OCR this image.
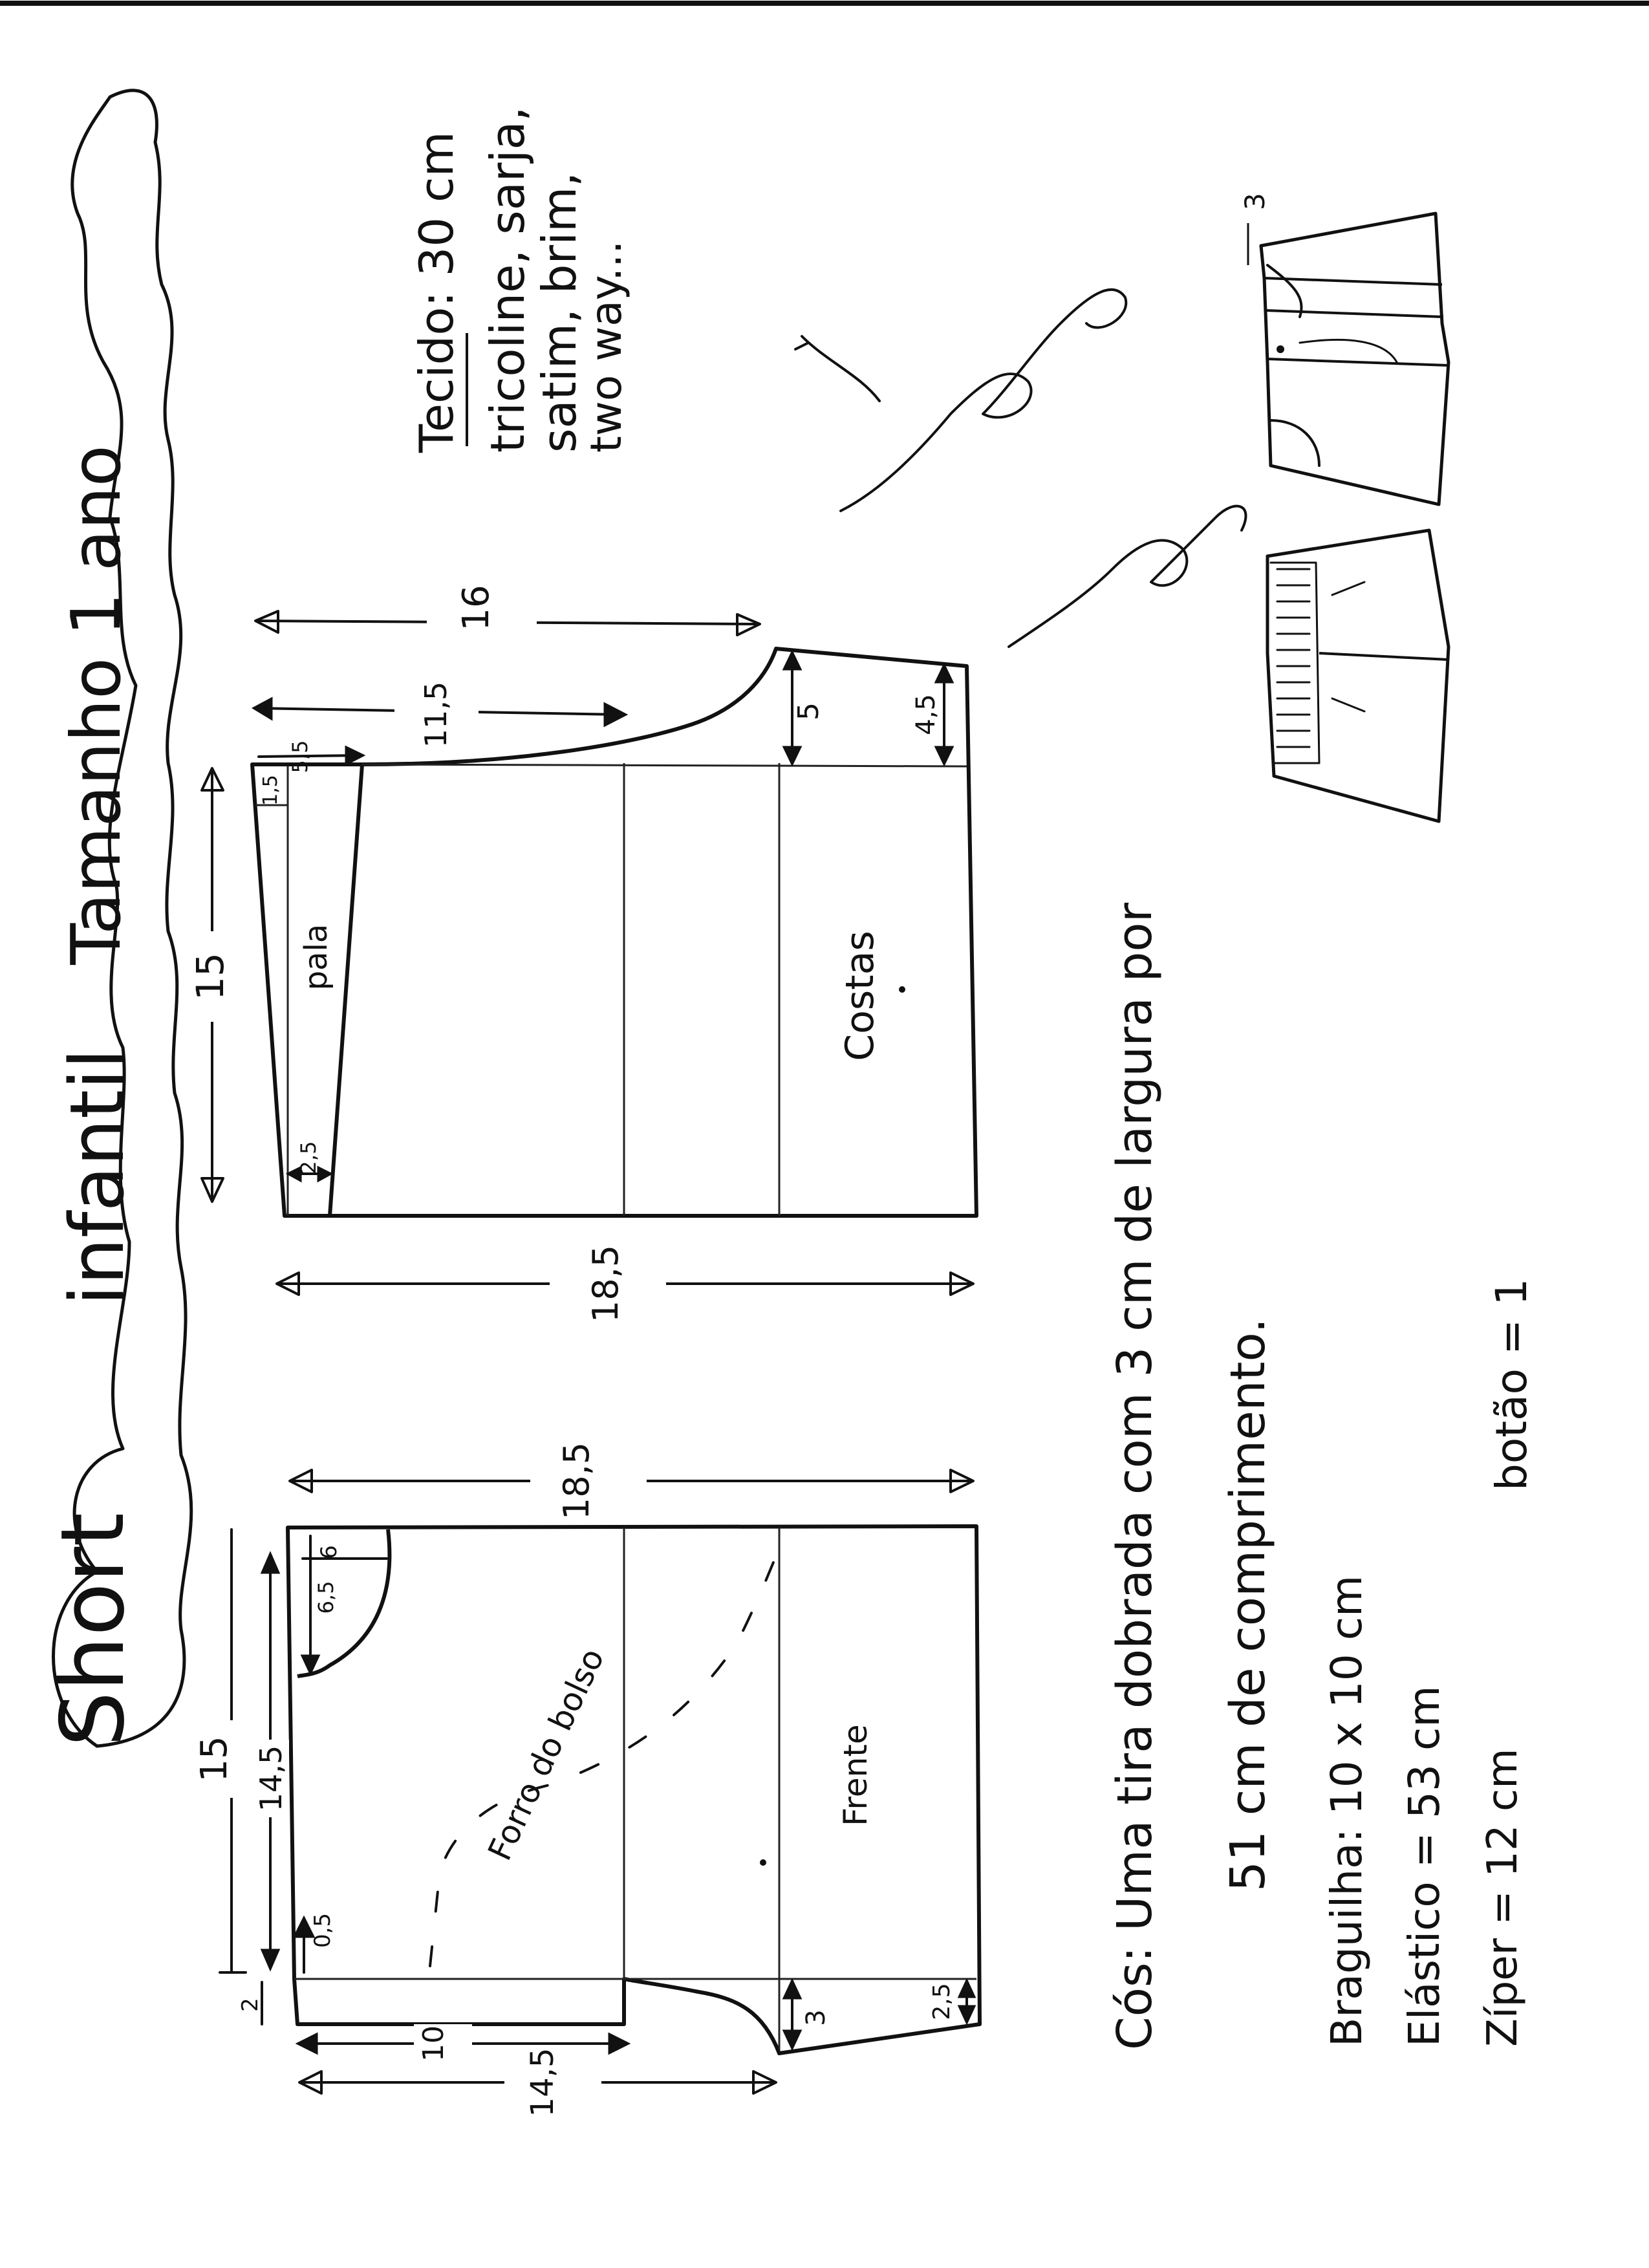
Short
infantil
Tamanho 1 ano
Tecido: 30 cm tricoline, sarja,
satim, brim,
two way...
3
Costas
pala
16
11,5
5,5
1,5
2,5
15
18,5
5	4,5
Frente
Forro do bolso
18,5
6
6,5
15 14,5
0,5
2
10
14,5
3	2,5	Cós: Uma tira dobrada com 3 cm de largura por 51 cm de comprimento. Braguilha: 10 x 10 cm Elástico = 53 cm Zíper = 12 cm
botão = 1
